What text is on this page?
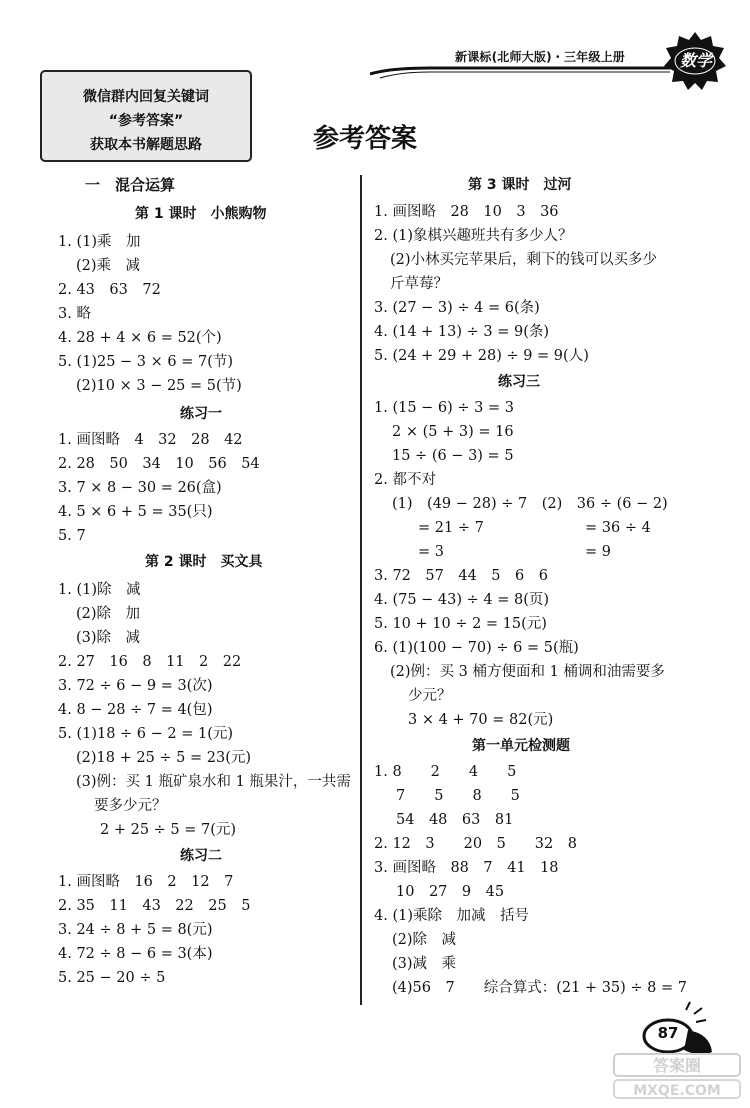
新课标(北师大版)・三年级上册	数学
微信群内回复关键词
“参考答案”
获取本书解题思路	参考答案
一　混合运算
第 1 课时　小熊购物
1. (1)乘　加
(2)乘　减
2. 43　63　72
3. 略
4. 28 + 4 × 6 = 52(个)
5. (1)25 − 3 × 6 = 7(节)
(2)10 × 3 − 25 = 5(节)
练习一
1. 画图略　4　32　28　42
2. 28　50　34　10　56　54
3. 7 × 8 − 30 = 26(盒)
4. 5 × 6 + 5 = 35(只)
5. 7
第 2 课时　买文具
1. (1)除　减
(2)除　加
(3)除　减
2. 27　16　8　11　2　22
3. 72 ÷ 6 − 9 = 3(次)
4. 8 − 28 ÷ 7 = 4(包)
5. (1)18 ÷ 6 − 2 = 1(元)
(2)18 + 25 ÷ 5 = 23(元)
(3)例：买 1 瓶矿泉水和 1 瓶果汁，一共需
要多少元？
2 + 25 ÷ 5 = 7(元)
练习二
1. 画图略　16　2　12　7
2. 35　11　43　22　25　5
3. 24 ÷ 8 + 5 = 8(元)
4. 72 ÷ 8 − 6 = 3(本)
5. 25 − 20 ÷ 5
第 3 课时　过河
1. 画图略　28　10　3　36
2. (1)象棋兴趣班共有多少人？
(2)小林买完苹果后，剩下的钱可以买多少
斤草莓？
3. (27 − 3) ÷ 4 = 6(条)
4. (14 + 13) ÷ 3 = 9(条)
5. (24 + 29 + 28) ÷ 9 = 9(人)
练习三
1. (15 − 6) ÷ 3 = 3
2 × (5 + 3) = 16
15 ÷ (6 − 3) = 5
2. 都不对
(1)　(49 − 28) ÷ 7　(2)　36 ÷ (6 − 2)
= 21 ÷ 7	= 36 ÷ 4
= 3	= 9
3. 72　57　44　5　6　6
4. (75 − 43) ÷ 4 = 8(页)
5. 10 + 10 ÷ 2 = 15(元)
6. (1)(100 − 70) ÷ 6 = 5(瓶)
(2)例：买 3 桶方便面和 1 桶调和油需要多
少元？
3 × 4 + 70 = 82(元)
第一单元检测题
1. 8　　2　　4　　5
7　　5　　8　　5
54　48　63　81
2. 12　3　　20　5　　32　8
3. 画图略　88　7　41　18
10　27　9　45
4. (1)乘除　加减　括号
(2)除　减
(3)减　乘
(4)56　7　　综合算式：(21 + 35) ÷ 8 = 7
87
答案圈
MXQE.COM
